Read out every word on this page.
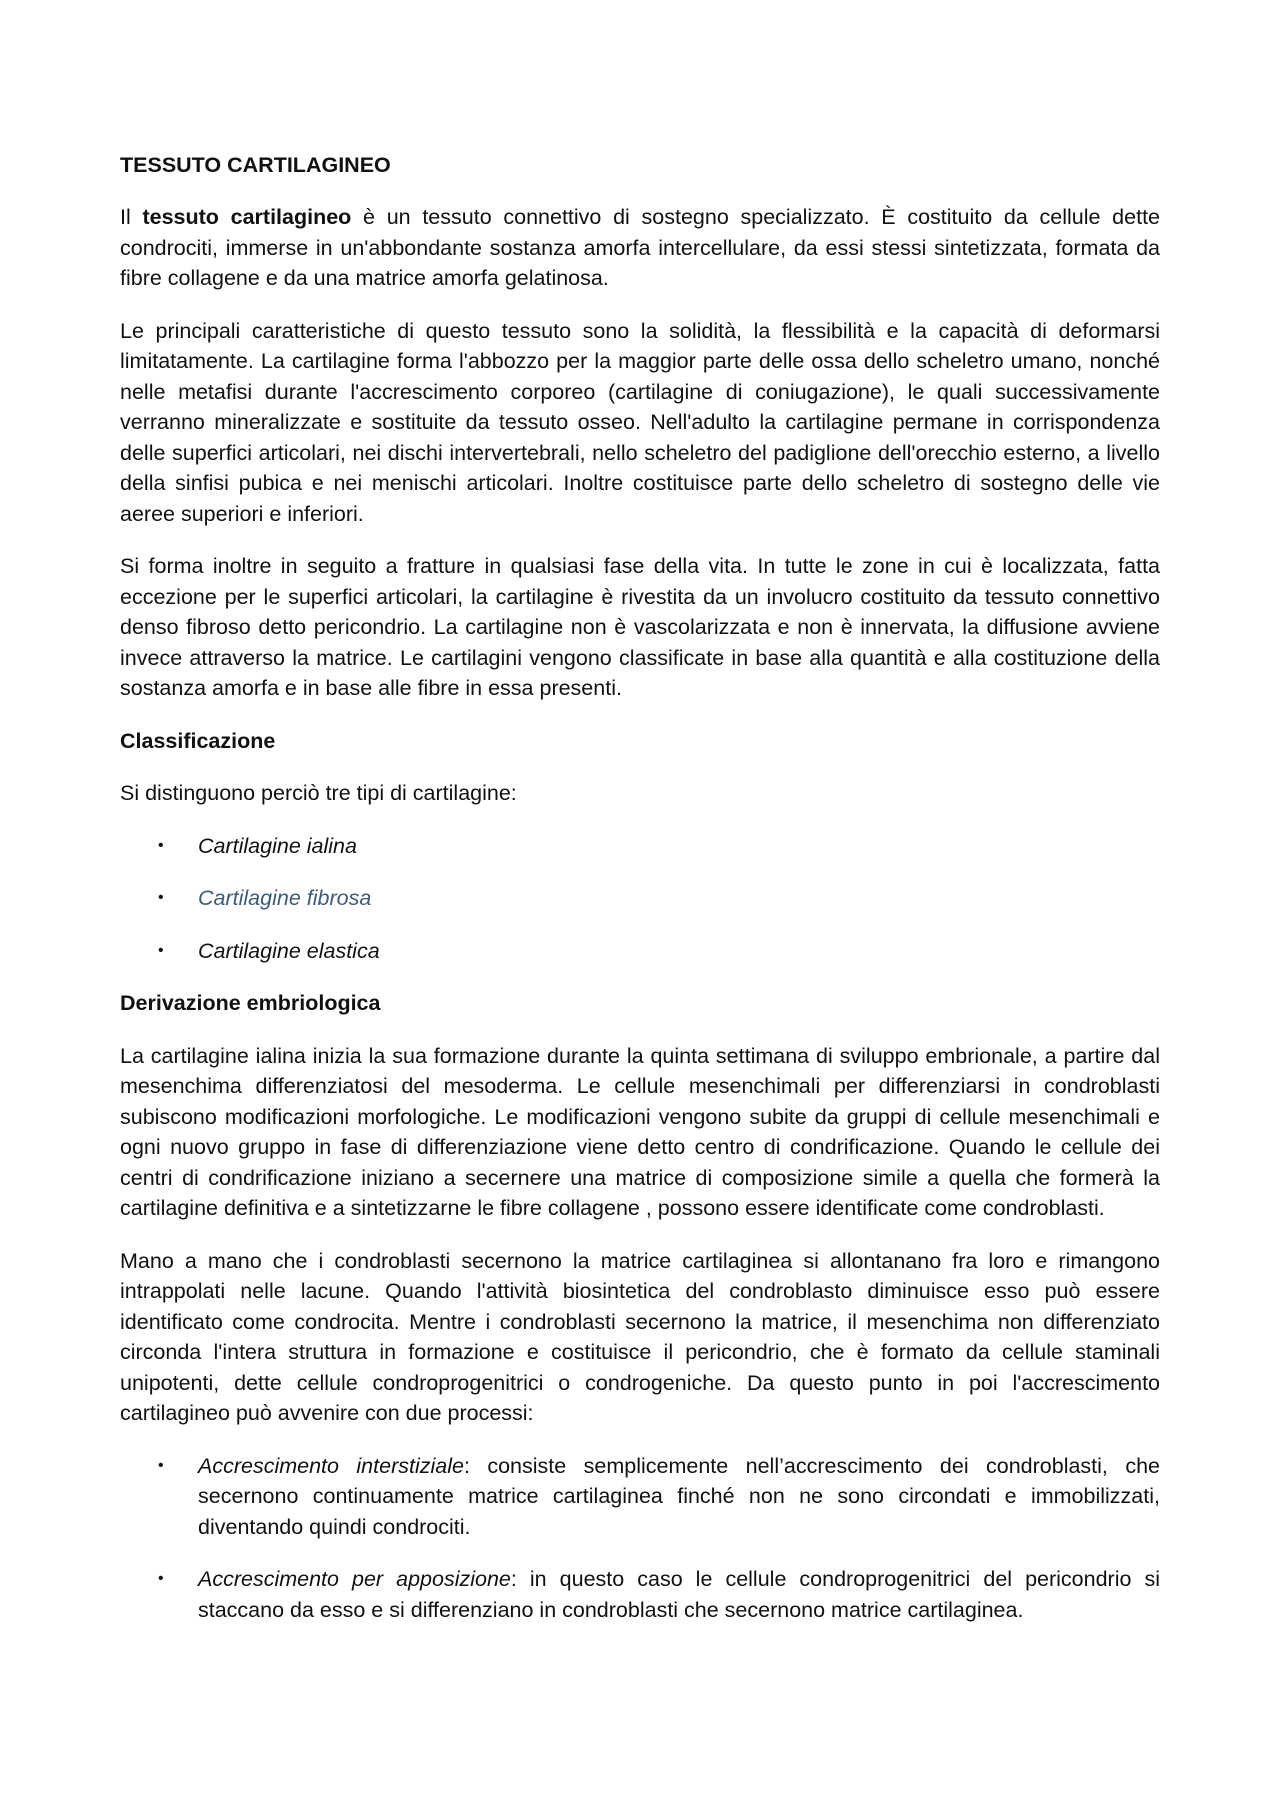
TESSUTO CARTILAGINEO

Il tessuto cartilagineo è un tessuto connettivo di sostegno specializzato. È costituito da cellule dette condrociti, immerse in un'abbondante sostanza amorfa intercellulare, da essi stessi sintetizzata, formata da fibre collagene e da una matrice amorfa gelatinosa.

Le principali caratteristiche di questo tessuto sono la solidità, la flessibilità e la capacità di deformarsi limitatamente. La cartilagine forma l'abbozzo per la maggior parte delle ossa dello scheletro umano, nonché nelle metafisi durante l'accrescimento corporeo (cartilagine di coniugazione), le quali successivamente verranno mineralizzate e sostituite da tessuto osseo. Nell'adulto la cartilagine permane in corrispondenza delle superfici articolari, nei dischi intervertebrali, nello scheletro del padiglione dell'orecchio esterno, a livello della sinfisi pubica e nei menischi articolari. Inoltre costituisce parte dello scheletro di sostegno delle vie aeree superiori e inferiori.

Si forma inoltre in seguito a fratture in qualsiasi fase della vita. In tutte le zone in cui è localizzata, fatta eccezione per le superfici articolari, la cartilagine è rivestita da un involucro costituito da tessuto connettivo denso fibroso detto pericondrio. La cartilagine non è vascolarizzata e non è innervata, la diffusione avviene invece attraverso la matrice. Le cartilagini vengono classificate in base alla quantità e alla costituzione della sostanza amorfa e in base alle fibre in essa presenti.

Classificazione

Si distinguono perciò tre tipi di cartilagine:

• Cartilagine ialina
• Cartilagine fibrosa
• Cartilagine elastica
Derivazione embriologica

La cartilagine ialina inizia la sua formazione durante la quinta settimana di sviluppo embrionale, a partire dal mesenchima differenziatosi del mesoderma. Le cellule mesenchimali per differenziarsi in condroblasti subiscono modificazioni morfologiche. Le modificazioni vengono subite da gruppi di cellule mesenchimali e ogni nuovo gruppo in fase di differenziazione viene detto centro di condrificazione. Quando le cellule dei centri di condrificazione iniziano a secernere una matrice di composizione simile a quella che formerà la cartilagine definitiva e a sintetizzarne le fibre collagene , possono essere identificate come condroblasti.

Mano a mano che i condroblasti secernono la matrice cartilaginea si allontanano fra loro e rimangono intrappolati nelle lacune. Quando l'attività biosintetica del condroblasto diminuisce esso può essere identificato come condrocita. Mentre i condroblasti secernono la matrice, il mesenchima non differenziato circonda l'intera struttura in formazione e costituisce il pericondrio, che è formato da cellule staminali unipotenti, dette cellule condroprogenitrici o condrogeniche. Da questo punto in poi l'accrescimento cartilagineo può avvenire con due processi:

• Accrescimento interstiziale: consiste semplicemente nell’accrescimento dei condroblasti, che secernono continuamente matrice cartilaginea finché non ne sono circondati e immobilizzati, diventando quindi condrociti.
• Accrescimento per apposizione: in questo caso le cellule condroprogenitrici del pericondrio si staccano da esso e si differenziano in condroblasti che secernono matrice cartilaginea.
